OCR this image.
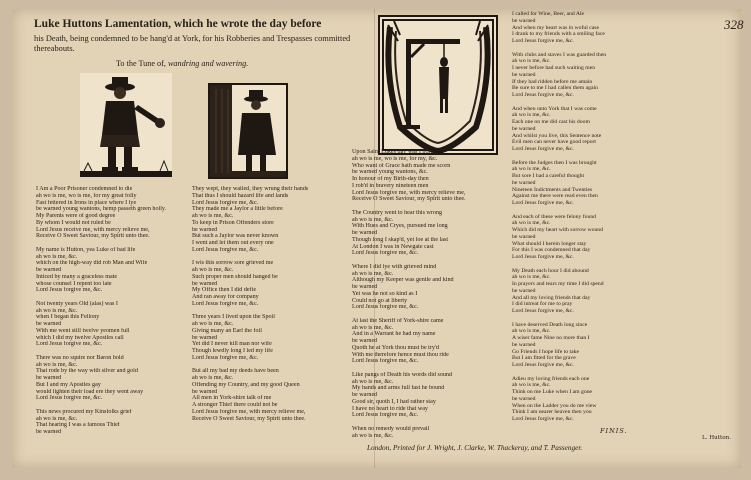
Luke Huttons Lamentation, which he wrote the day before
his Death, being condemned to be hang'd at York, for his Robberies and Trespasses committed thereabouts.
To the Tune of, wandring and wavering.
328
I Am a Poor Prisoner condemned to die
ah wo is me, wo is me, for my great folly
Fast fettered in Irons in place where I lye
be warned young wantons, hemp passeth green holly.
My Parents were of good degree
By whom I would not ruled be
Lord Jesus receive me, with mercy relieve me,
Receive O Sweet Saviour, my Spirit unto thee.
My name is Hutton, yea Luke of bad life
ah wo is me, &c.
which on the high-way did rob Man and Wife
be warned
Inticed by many a graceless mate
whose counsel I repent too late
Lord Jesus forgive me, &c.
Not twenty years Old (alas) was I
ah wo is me, &c.
when I began this Fellony
be warned
With me went still twelve yeomen full
which I did my twelve Apostles call
Lord Jesus forgive me, &c.
There was no squire nor Baron bold
ah wo is me, &c.
That rode by the way with silver and gold
be warned
But I and my Apostles gay
would lighten their load ere they went away
Lord Jesus forgive me, &c.
This news procured my Kinsfolks grief
ah wo is me, &c.
That hearing I was a famous Thief
be warned
They wept, they wailed, they wrung their hands
That thus I should hazard life and lands
Lord Jesus forgive me, &c.
They made me a Jaylor a little before
ah wo is me, &c.
To keep in Prison Offenders store
be warned
But such a Jaylor was never known
I went and let them out every one
Lord Jesus forgive me, &c.
I wis this sorrow sore grieved me
ah wo is me, &c.
Such proper men should hanged be
be warned
My Office then I did defie
And ran away for company
Lord Jesus forgive me, &c.
Three years I lived upon the Spoil
ah wo is me, &c.
Giving many an Earl the foil
be warned
Yet did I never kill man nor wife
Though lewdly long I led my life
Lord Jesus forgive me, &c.
But all my bad my deeds have been
ah wo is me, &c.
Offending my Country, and my good Queen
be warned
All men in York-shire talk of me
A stronger Thief there could not be
Lord Jesus forgive me, with mercy relieve me,
Receive O Sweet Saviour, my Spirit unto thee.
Upon Saint Lukes day was I born
ah wo is me, wo is me, for my, &c.
Who want of Grace hath made me scorn
be warned young wantons, &c.
In honour of my Birth-day then
I rob'd in bravery nineteen men
Lord Jesus forgive me, with mercy relieve me,
Receive O Sweet Saviour, my Spirit unto thee.
The Country went to hear this wrong
ah wo is me, &c.
With Hues and Cryes, pursued me long
be warned
Though long I skap'd, yet loe at the last
At London I was in Newgate cast
Lord Jesus forgive me, &c.
Where I did lye with grieved mind
ah wo is me, &c.
Although my Keeper was gentle and kind
be warned
Yet was he not so kind as I
Could not go at liberty
Lord Jesus forgive me, &c.
At last the Sheriff of York-shire came
ah wo is me, &c.
And in a Warrant he had my name
be warned
Quoth he at York thou must be try'd
With me therefore hence must thou ride
Lord Jesus forgive me, &c.
Like pangs of Death his words did sound
ah wo is me, &c.
My hands and arms full fast he bound
be warned
Good sir, quoth I, I had rather stay
I have no heart to ride that way
Lord Jesus forgive me, &c.
When no remedy would prevail
ah wo is me, &c.
I called for Wine, Beer, and Ale
be warned
And when my heart was in woful case
I drank to my friends with a smiling face
Lord Jesus forgive me, &c.
With clubs and staves I was guarded then
ah wo is me, &c.
I never before had such waiting men
be warned
If they had ridden before me amain
Be sure to me I had callen them again
Lord Jesus forgive me, &c.
And when unto York that I was come
ah wo is me, &c.
Each one on me did cast his doom
be warned
And whilst you live, this Sentence note
Evil men can never have good report
Lord Jesus forgive me, &c.
Before the Judges then I was brought
ah wo is me, &c.
But sore I had a careful thought
be warned
Nineteen Indictments and Twenties
Against me there were read even then
Lord Jesus forgive me, &c.
And each of these were felony found
ah wo is me, &c.
Which did my heart with sorrow wound
be warned
What should I herein longer stay
For this I was condemned that day
Lord Jesus forgive me, &c.
My Death each hour I did abound
ah wo is me, &c.
In prayers and tears my time I did spend
be warned
And all my loving friends that day
I did intreat for me to pray
Lord Jesus forgive me, &c.
I have deserved Death long since
ah wo is me, &c.
A wiser fame Nine no more than I
be warned
Go Friends I hope life to take
But I am fitted for the grave
Lord Jesus forgive me, &c.
Adieu my loving friends each one
ah wo is me, &c.
Think on me Luke when I am gone
be warned
When on the Ladder you do me view
Think I am nearer heaven then you
Lord Jesus forgive me, &c.
FINIS.
L. Hutton.
London, Printed for J. Wright, J. Clarke, W. Thackeray, and T. Passenger.
